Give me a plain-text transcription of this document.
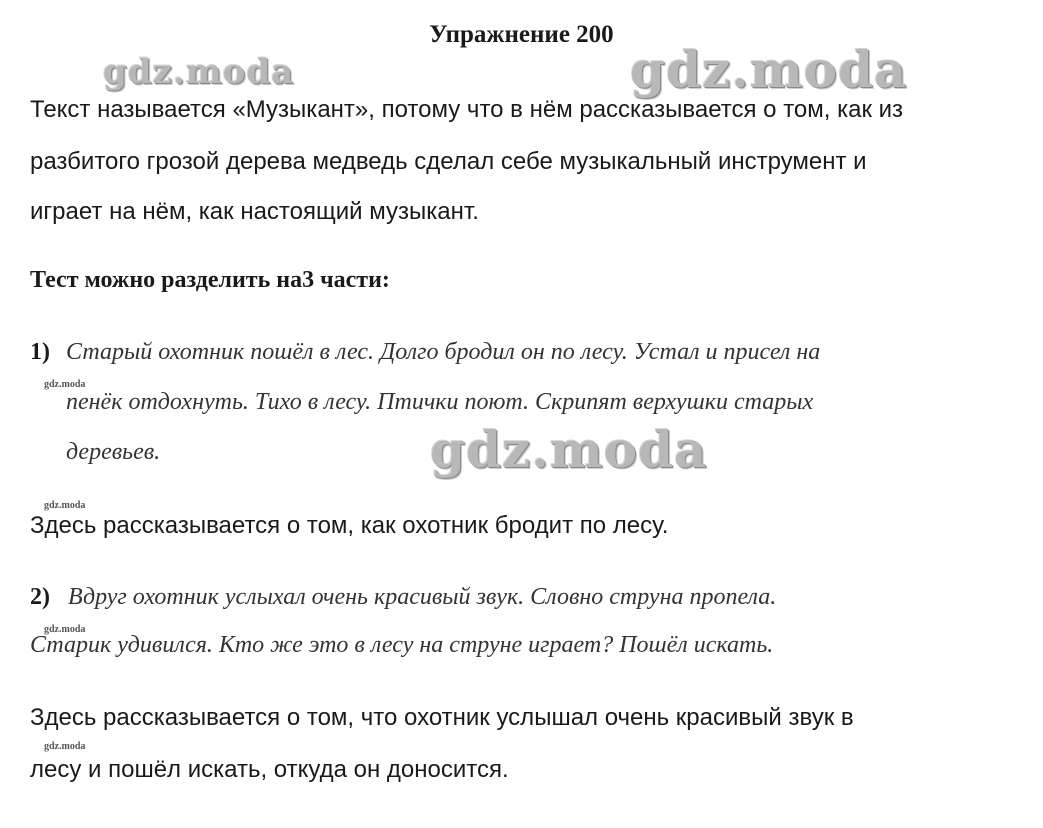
Упражнение 200
gdz.moda	gdz.moda
gdz.moda
gdz.moda
gdz.moda
gdz.moda
gdz.moda
Текст называется «Музыкант», потому что в нём рассказывается о том, как из
разбитого грозой дерева медведь сделал себе музыкальный инструмент и
играет на нём, как настоящий музыкант.
Тест можно разделить на3 части:
1) Старый охотник пошёл в лес. Долго бродил он по лесу. Устал и присел на
пенёк отдохнуть. Тихо в лесу. Птички поют. Скрипят верхушки старых
деревьев.
Здесь рассказывается о том, как охотник бродит по лесу.
2) Вдруг охотник услыхал очень красивый звук. Словно струна пропела.
Старик удивился. Кто же это в лесу на струне играет? Пошёл искать.
Здесь рассказывается о том, что охотник услышал очень красивый звук в
лесу и пошёл искать, откуда он доносится.
